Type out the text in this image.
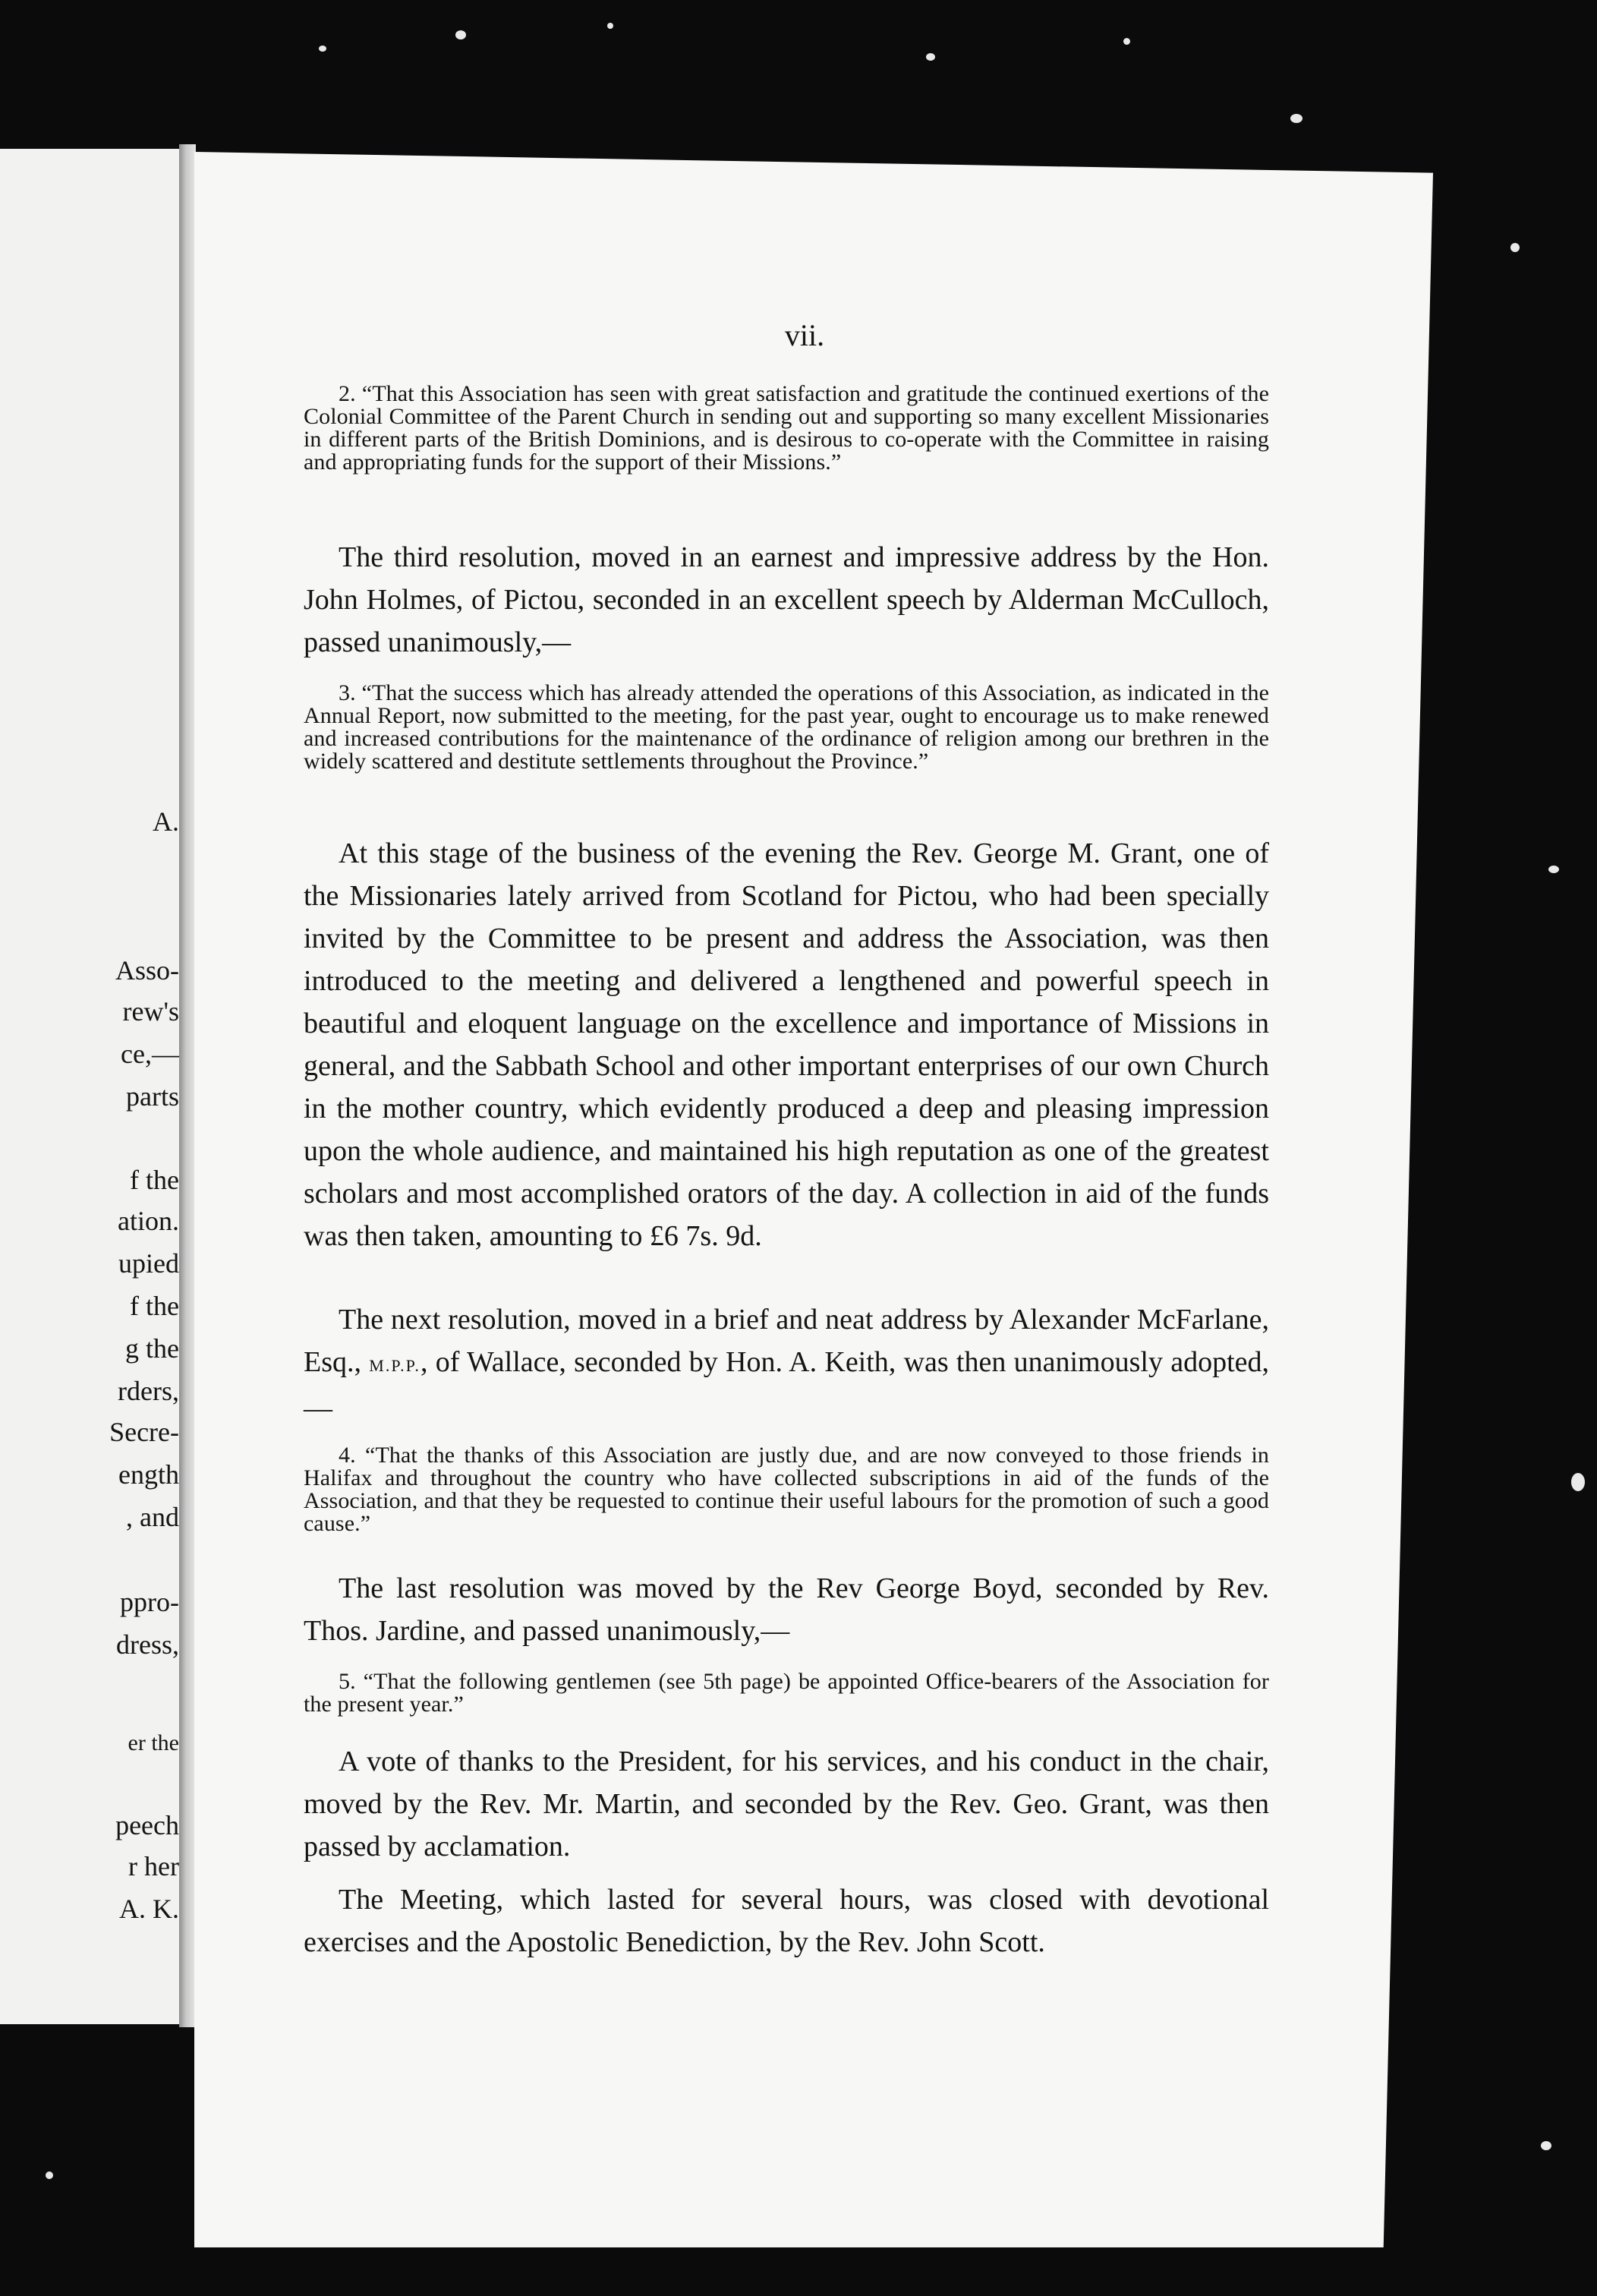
A.
Asso-
rew's
ce,—
parts
f the
ation.
upied
f the
g the
rders,
Secre-
ength
, and
ppro-
dress,
er the
peech
r her
A. K.
vii.
2. “That this Association has seen with great satisfaction and gratitude the continued exertions of the Colonial Committee of the Parent Church in sending out and supporting so many excellent Missionaries in different parts of the British Dominions, and is desirous to co-operate with the Committee in raising and appropriating funds for the support of their Missions.”
The third resolution, moved in an earnest and impressive address by the Hon. John Holmes, of Pictou, seconded in an excellent speech by Alderman McCulloch, passed unanimously,—
3. “That the success which has already attended the operations of this Association, as indicated in the Annual Report, now submitted to the meeting, for the past year, ought to encourage us to make renewed and increased contributions for the maintenance of the ordinance of religion among our brethren in the widely scattered and destitute settlements throughout the Province.”
At this stage of the business of the evening the Rev. George M. Grant, one of the Missionaries lately arrived from Scotland for Pictou, who had been specially invited by the Committee to be present and address the Association, was then introduced to the meeting and delivered a lengthened and powerful speech in beautiful and eloquent language on the excellence and importance of Missions in general, and the Sabbath School and other important enterprises of our own Church in the mother country, which evidently produced a deep and pleasing impression upon the whole audience, and maintained his high reputation as one of the greatest scholars and most accomplished orators of the day. A collection in aid of the funds was then taken, amounting to £6 7s. 9d.
The next resolution, moved in a brief and neat address by Alexander McFarlane, Esq., M.P.P., of Wallace, seconded by Hon. A. Keith, was then unanimously adopted,—
4. “That the thanks of this Association are justly due, and are now conveyed to those friends in Halifax and throughout the country who have collected subscriptions in aid of the funds of the Association, and that they be requested to continue their useful labours for the promotion of such a good cause.”
The last resolution was moved by the Rev George Boyd, seconded by Rev. Thos. Jardine, and passed unanimously,—
5. “That the following gentlemen (see 5th page) be appointed Office-bearers of the Association for the present year.”
A vote of thanks to the President, for his services, and his conduct in the chair, moved by the Rev. Mr. Martin, and seconded by the Rev. Geo. Grant, was then passed by acclamation.
The Meeting, which lasted for several hours, was closed with devotional exercises and the Apostolic Benediction, by the Rev. John Scott.
